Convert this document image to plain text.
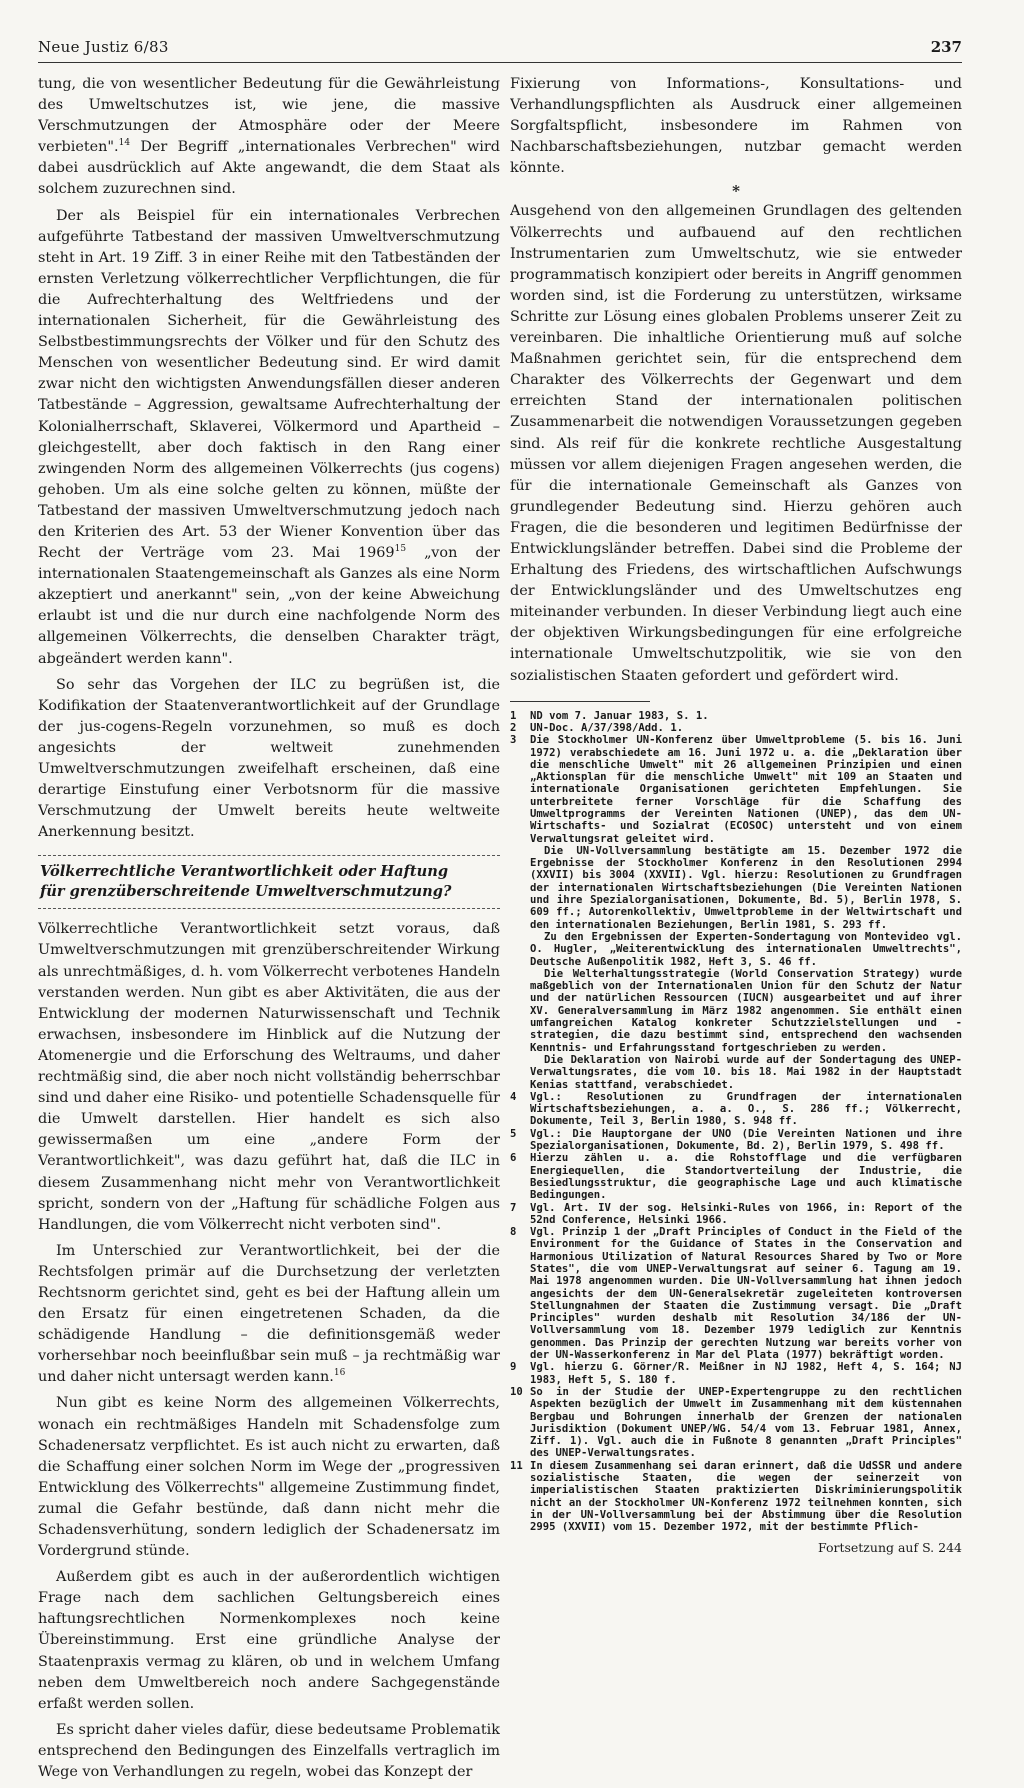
Neue Justiz 6/83	237

tung, die von wesentlicher Bedeutung für die Gewährleistung des Umweltschutzes ist, wie jene, die massive Verschmutzungen der Atmosphäre oder der Meere verbieten".$^{14}$ Der Begriff „internationales Verbrechen" wird dabei ausdrücklich auf Akte angewandt, die dem Staat als solchem zuzurechnen sind.

Der als Beispiel für ein internationales Verbrechen aufgeführte Tatbestand der massiven Umweltverschmutzung steht in Art. 19 Ziff. 3 in einer Reihe mit den Tatbeständen der ernsten Verletzung völkerrechtlicher Verpflichtungen, die für die Aufrechterhaltung des Weltfriedens und der internationalen Sicherheit, für die Gewährleistung des Selbstbestimmungsrechts der Völker und für den Schutz des Menschen von wesentlicher Bedeutung sind. Er wird damit zwar nicht den wichtigsten Anwendungsfällen dieser anderen Tatbestände – Aggression, gewaltsame Aufrechterhaltung der Kolonialherrschaft, Sklaverei, Völkermord und Apartheid – gleichgestellt, aber doch faktisch in den Rang einer zwingenden Norm des allgemeinen Völkerrechts (jus cogens) gehoben. Um als eine solche gelten zu können, müßte der Tatbestand der massiven Umweltverschmutzung jedoch nach den Kriterien des Art. 53 der Wiener Konvention über das Recht der Verträge vom 23. Mai 1969$^{15}$ „von der internationalen Staatengemeinschaft als Ganzes als eine Norm akzeptiert und anerkannt" sein, „von der keine Abweichung erlaubt ist und die nur durch eine nachfolgende Norm des allgemeinen Völkerrechts, die denselben Charakter trägt, abgeändert werden kann".

So sehr das Vorgehen der ILC zu begrüßen ist, die Kodifikation der Staatenverantwortlichkeit auf der Grundlage der jus-cogens-Regeln vorzunehmen, so muß es doch angesichts der weltweit zunehmenden Umweltverschmutzungen zweifelhaft erscheinen, daß eine derartige Einstufung einer Verbotsnorm für die massive Verschmutzung der Umwelt bereits heute weltweite Anerkennung besitzt.

Völkerrechtliche Verantwortlichkeit oder Haftung
für grenzüberschreitende Umweltverschmutzung?

Völkerrechtliche Verantwortlichkeit setzt voraus, daß Umweltverschmutzungen mit grenzüberschreitender Wirkung als unrechtmäßiges, d. h. vom Völkerrecht verbotenes Handeln verstanden werden. Nun gibt es aber Aktivitäten, die aus der Entwicklung der modernen Naturwissenschaft und Technik erwachsen, insbesondere im Hinblick auf die Nutzung der Atomenergie und die Erforschung des Weltraums, und daher rechtmäßig sind, die aber noch nicht vollständig beherrschbar sind und daher eine Risiko- und potentielle Schadensquelle für die Umwelt darstellen. Hier handelt es sich also gewissermaßen um eine „andere Form der Verantwortlichkeit", was dazu geführt hat, daß die ILC in diesem Zusammenhang nicht mehr von Verantwortlichkeit spricht, sondern von der „Haftung für schädliche Folgen aus Handlungen, die vom Völkerrecht nicht verboten sind".

Im Unterschied zur Verantwortlichkeit, bei der die Rechtsfolgen primär auf die Durchsetzung der verletzten Rechtsnorm gerichtet sind, geht es bei der Haftung allein um den Ersatz für einen eingetretenen Schaden, da die schädigende Handlung – die definitionsgemäß weder vorhersehbar noch beeinflußbar sein muß – ja rechtmäßig war und daher nicht untersagt werden kann.$^{16}$

Nun gibt es keine Norm des allgemeinen Völkerrechts, wonach ein rechtmäßiges Handeln mit Schadensfolge zum Schadenersatz verpflichtet. Es ist auch nicht zu erwarten, daß die Schaffung einer solchen Norm im Wege der „progressiven Entwicklung des Völkerrechts" allgemeine Zustimmung findet, zumal die Gefahr bestünde, daß dann nicht mehr die Schadensverhütung, sondern lediglich der Schadenersatz im Vordergrund stünde.

Außerdem gibt es auch in der außerordentlich wichtigen Frage nach dem sachlichen Geltungsbereich eines haftungsrechtlichen Normenkomplexes noch keine Übereinstimmung. Erst eine gründliche Analyse der Staatenpraxis vermag zu klären, ob und in welchem Umfang neben dem Umweltbereich noch andere Sachgegenstände erfaßt werden sollen.

Es spricht daher vieles dafür, diese bedeutsame Problematik entsprechend den Bedingungen des Einzelfalls vertraglich im Wege von Verhandlungen zu regeln, wobei das Konzept der

Fixierung von Informations-, Konsultations- und Verhandlungspflichten als Ausdruck einer allgemeinen Sorgfaltspflicht, insbesondere im Rahmen von Nachbarschaftsbeziehungen, nutzbar gemacht werden könnte.

*

Ausgehend von den allgemeinen Grundlagen des geltenden Völkerrechts und aufbauend auf den rechtlichen Instrumentarien zum Umweltschutz, wie sie entweder programmatisch konzipiert oder bereits in Angriff genommen worden sind, ist die Forderung zu unterstützen, wirksame Schritte zur Lösung eines globalen Problems unserer Zeit zu vereinbaren. Die inhaltliche Orientierung muß auf solche Maßnahmen gerichtet sein, für die entsprechend dem Charakter des Völkerrechts der Gegenwart und dem erreichten Stand der internationalen politischen Zusammenarbeit die notwendigen Voraussetzungen gegeben sind. Als reif für die konkrete rechtliche Ausgestaltung müssen vor allem diejenigen Fragen angesehen werden, die für die internationale Gemeinschaft als Ganzes von grundlegender Bedeutung sind. Hierzu gehören auch Fragen, die die besonderen und legitimen Bedürfnisse der Entwicklungsländer betreffen. Dabei sind die Probleme der Erhaltung des Friedens, des wirtschaftlichen Aufschwungs der Entwicklungsländer und des Umweltschutzes eng miteinander verbunden. In dieser Verbindung liegt auch eine der objektiven Wirkungsbedingungen für eine erfolgreiche internationale Umweltschutzpolitik, wie sie von den sozialistischen Staaten gefordert und gefördert wird.

1	ND vom 7. Januar 1983, S. 1.
2	UN-Doc. A/37/398/Add. 1.
3	Die Stockholmer UN-Konferenz über Umweltprobleme (5. bis 16. Juni 1972) verabschiedete am 16. Juni 1972 u. a. die „Deklaration über die menschliche Umwelt" mit 26 allgemeinen Prinzipien und einen „Aktionsplan für die menschliche Umwelt" mit 109 an Staaten und internationale Organisationen gerichteten Empfehlungen. Sie unterbreitete ferner Vorschläge für die Schaffung des Umweltprogramms der Vereinten Nationen (UNEP), das dem UN-Wirtschafts- und Sozialrat (ECOSOC) untersteht und von einem Verwaltungsrat geleitet wird.
Die UN-Vollversammlung bestätigte am 15. Dezember 1972 die Ergebnisse der Stockholmer Konferenz in den Resolutionen 2994 (XXVII) bis 3004 (XXVII). Vgl. hierzu: Resolutionen zu Grundfragen der internationalen Wirtschaftsbeziehungen (Die Vereinten Nationen und ihre Spezialorganisationen, Dokumente, Bd. 5), Berlin 1978, S. 609 ff.; Autorenkollektiv, Umweltprobleme in der Weltwirtschaft und den internationalen Beziehungen, Berlin 1981, S. 293 ff.
Zu den Ergebnissen der Experten-Sondertagung von Montevideo vgl. O. Hugler, „Weiterentwicklung des internationalen Umweltrechts", Deutsche Außenpolitik 1982, Heft 3, S. 46 ff.
Die Welterhaltungsstrategie (World Conservation Strategy) wurde maßgeblich von der Internationalen Union für den Schutz der Natur und der natürlichen Ressourcen (IUCN) ausgearbeitet und auf ihrer XV. Generalversammlung im März 1982 angenommen. Sie enthält einen umfangreichen Katalog konkreter Schutzzielstellungen und -strategien, die dazu bestimmt sind, entsprechend den wachsenden Kenntnis- und Erfahrungsstand fortgeschrieben zu werden.
Die Deklaration von Nairobi wurde auf der Sondertagung des UNEP-Verwaltungsrates, die vom 10. bis 18. Mai 1982 in der Hauptstadt Kenias stattfand, verabschiedet.
4	Vgl.: Resolutionen zu Grundfragen der internationalen Wirtschaftsbeziehungen, a. a. O., S. 286 ff.; Völkerrecht, Dokumente, Teil 3, Berlin 1980, S. 948 ff.
5	Vgl.: Die Hauptorgane der UNO (Die Vereinten Nationen und ihre Spezialorganisationen, Dokumente, Bd. 2), Berlin 1979, S. 498 ff.
6	Hierzu zählen u. a. die Rohstofflage und die verfügbaren Energiequellen, die Standortverteilung der Industrie, die Besiedlungsstruktur, die geographische Lage und auch klimatische Bedingungen.
7	Vgl. Art. IV der sog. Helsinki-Rules von 1966, in: Report of the 52nd Conference, Helsinki 1966.
8	Vgl. Prinzip 1 der „Draft Principles of Conduct in the Field of the Environment for the Guidance of States in the Conservation and Harmonious Utilization of Natural Resources Shared by Two or More States", die vom UNEP-Verwaltungsrat auf seiner 6. Tagung am 19. Mai 1978 angenommen wurden. Die UN-Vollversammlung hat ihnen jedoch angesichts der dem UN-Generalsekretär zugeleiteten kontroversen Stellungnahmen der Staaten die Zustimmung versagt. Die „Draft Principles" wurden deshalb mit Resolution 34/186 der UN-Vollversammlung vom 18. Dezember 1979 lediglich zur Kenntnis genommen. Das Prinzip der gerechten Nutzung war bereits vorher von der UN-Wasserkonferenz in Mar del Plata (1977) bekräftigt worden.
9	Vgl. hierzu G. Görner/R. Meißner in NJ 1982, Heft 4, S. 164; NJ 1983, Heft 5, S. 180 f.
10 So in der Studie der UNEP-Expertengruppe zu den rechtlichen Aspekten bezüglich der Umwelt im Zusammenhang mit dem küstennahen Bergbau und Bohrungen innerhalb der Grenzen der nationalen Jurisdiktion (Dokument UNEP/WG. 54/4 vom 13. Februar 1981, Annex, Ziff. 1). Vgl. auch die in Fußnote 8 genannten „Draft Principles" des UNEP-Verwaltungsrates.
11 In diesem Zusammenhang sei daran erinnert, daß die UdSSR und andere sozialistische Staaten, die wegen der seinerzeit von imperialistischen Staaten praktizierten Diskriminierungspolitik nicht an der Stockholmer UN-Konferenz 1972 teilnehmen konnten, sich in der UN-Vollversammlung bei der Abstimmung über die Resolution 2995 (XXVII) vom 15. Dezember 1972, mit der bestimmte Pflich-
Fortsetzung auf S. 244
